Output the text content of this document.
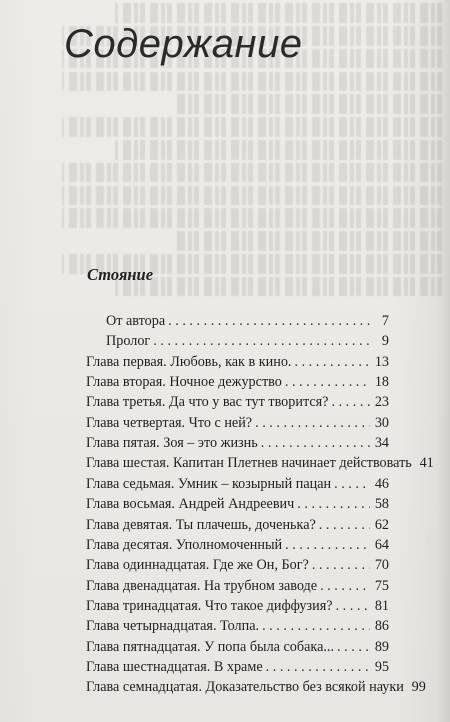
Содержание
Стояние
От автора . . .	7
Пролог . . .	9
Глава первая. Любовь, как в кино. . . .	13
Глава вторая. Ночное дежурство . . .	18
Глава третья. Да что у вас тут творится? . . .	23
Глава четвертая. Что с ней? . . .	30
Глава пятая. Зоя – это жизнь . . .	34
Глава шестая. Капитан Плетнев начинает действовать 41
Глава седьмая. Умник – козырный пацан . . .	46
Глава восьмая. Андрей Андреевич . . .	58
Глава девятая. Ты плачешь, доченька? . . .	62
Глава десятая. Уполномоченный . . .	64
Глава одиннадцатая. Где же Он, Бог? . . .	70
Глава двенадцатая. На трубном заводе . . .	75
Глава тринадцатая. Что такое диффузия? . . .	81
Глава четырнадцатая. Толпа. . . .	86
Глава пятнадцатая. У попа была собака... . . .	89
Глава шестнадцатая. В храме . . .	95
Глава семнадцатая. Доказательство без всякой науки 99
